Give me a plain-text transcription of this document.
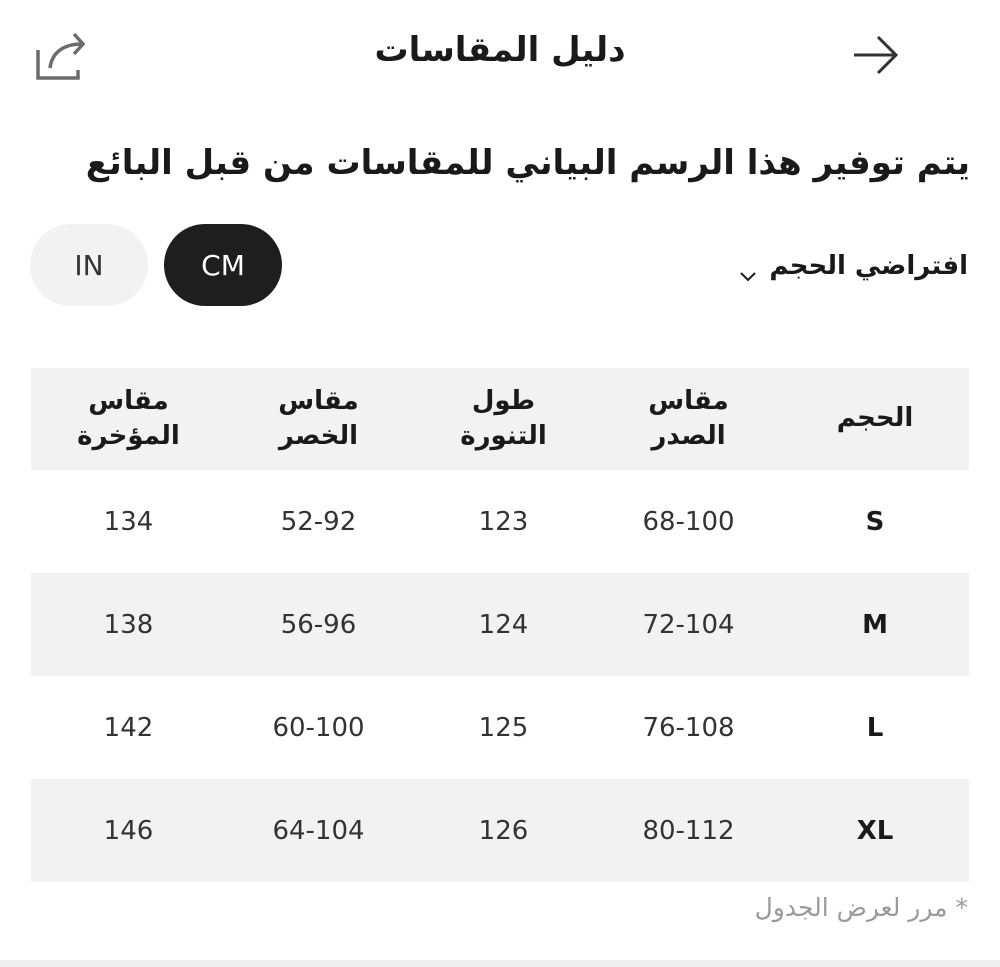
دليل المقاسات
يتم توفير هذا الرسم البياني للمقاسات من قبل البائع
افتراضي الحجم
CM
IN
الحجم	مقاس الصدر	طول التنورة	مقاس الخصر	مقاس المؤخرة
S	68-100	123	52-92	134
M	72-104	124	56-96	138
L	76-108	125	60-100	142
XL	80-112	126	64-104	146
* مرر لعرض الجدول
